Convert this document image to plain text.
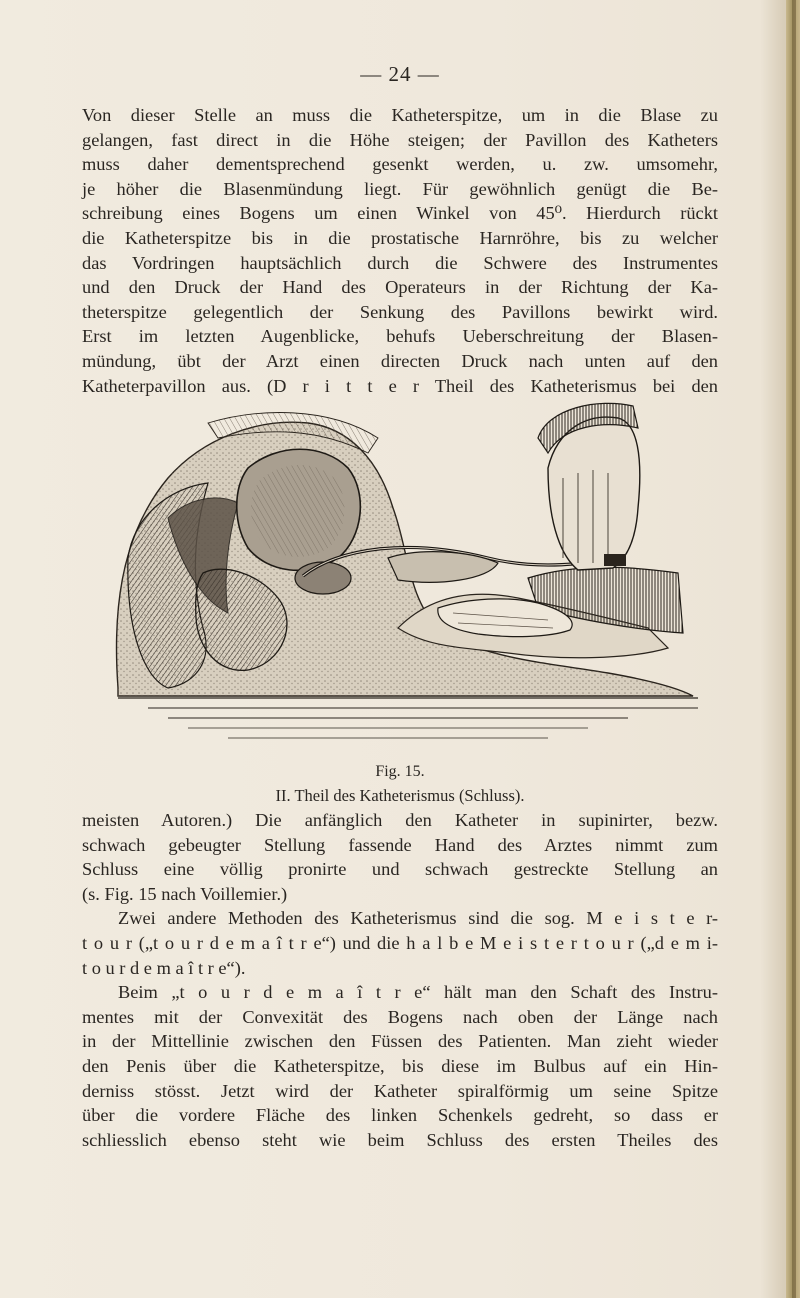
— 24 —
Von dieser Stelle an muss die Katheterspitze, um in die Blase zu
gelangen, fast direct in die Höhe steigen; der Pavillon des Katheters
muss daher dementsprechend gesenkt werden, u. zw. umsomehr,
je höher die Blasenmündung liegt. Für gewöhnlich genügt die Be-
schreibung eines Bogens um einen Winkel von 45⁰. Hierdurch rückt
die Katheterspitze bis in die prostatische Harnröhre, bis zu welcher
das Vordringen hauptsächlich durch die Schwere des Instrumentes
und den Druck der Hand des Operateurs in der Richtung der Ka-
theterspitze gelegentlich der Senkung des Pavillons bewirkt wird.
Erst im letzten Augenblicke, behufs Ueberschreitung der Blasen-
mündung, übt der Arzt einen directen Druck nach unten auf den
Katheterpavillon aus. (D r i t t e r Theil des Katheterismus bei den
Fig. 15.
II. Theil des Katheterismus (Schluss).
meisten Autoren.) Die anfänglich den Katheter in supinirter, bezw.
schwach gebeugter Stellung fassende Hand des Arztes nimmt zum
Schluss eine völlig pronirte und schwach gestreckte Stellung an
(s. Fig. 15 nach Voillemier.)
Zwei andere Methoden des Katheterismus sind die sog. M e i s t e r-
t o u r („t o u r d e m a î t r e“) und die h a l b e M e i s t e r t o u r („d e m i-
t o u r d e m a î t r e“).
Beim „t o u r d e m a î t r e“ hält man den Schaft des Instru-
mentes mit der Convexität des Bogens nach oben der Länge nach
in der Mittellinie zwischen den Füssen des Patienten. Man zieht wieder
den Penis über die Katheterspitze, bis diese im Bulbus auf ein Hin-
derniss stösst. Jetzt wird der Katheter spiralförmig um seine Spitze
über die vordere Fläche des linken Schenkels gedreht, so dass er
schliesslich ebenso steht wie beim Schluss des ersten Theiles des
